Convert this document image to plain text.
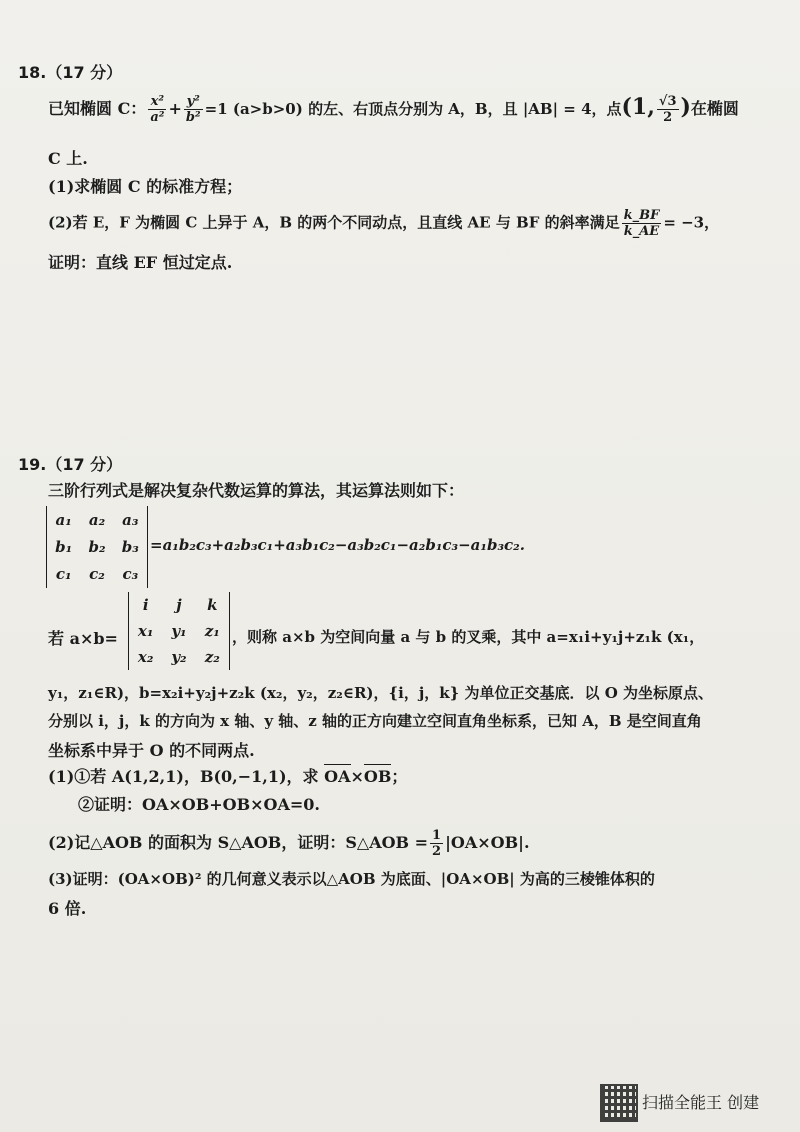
18.（17 分）
已知椭圆 C： $\frac{\text{x²}}{\text{a²}} + \frac{\text{y²}}{\text{b²}} =1$ (a>b>0) 的左、右顶点分别为 A，B，且 |AB| = 4，点(1, $\frac{√3}{2}$ )在椭圆
C 上.
(1)求椭圆 C 的标准方程；
(2)若 E，F 为椭圆 C 上异于 A，B 的两个不同动点，且直线 AE 与 BF 的斜率满足 $\frac{k\_BF}{k\_AE} = -3$，
证明：直线 EF 恒过定点.
19.（17 分）
三阶行列式是解决复杂代数运算的算法，其运算法则如下：
a₁	a₂	a₃
b₁	b₂	b₃
c₁	c₂	c₃
=a₁b₂c₃+a₂b₃c₁+a₃b₁c₂−a₃b₂c₁−a₂b₁c₃−a₁b₃c₂.
若 a×b=
i	j	k
x₁	y₁	z₁
x₂	y₂	z₂
，则称 a×b 为空间向量 a 与 b 的叉乘，其中 a=x₁i+y₁j+z₁k (x₁，
y₁，z₁∈R)，b=x₂i+y₂j+z₂k (x₂，y₂，z₂∈R)，{i，j，k} 为单位正交基底．以 O 为坐标原点、
分别以 i，j，k 的方向为 x 轴、y 轴、z 轴的正方向建立空间直角坐标系，已知 A，B 是空间直角
坐标系中异于 O 的不同两点.
(1)①若 A(1,2,1)，B(0,−1,1)，求 OA×OB；
②证明：OA×OB+OB×OA=0.
(2)记△AOB 的面积为 S△AOB，证明：S△AOB = $\frac{1}{2} |OA\times OB|$.
(3)证明：(OA×OB)² 的几何意义表示以△AOB 为底面、|OA×OB| 为高的三棱锥体积的
6 倍.
扫描全能王 创建
